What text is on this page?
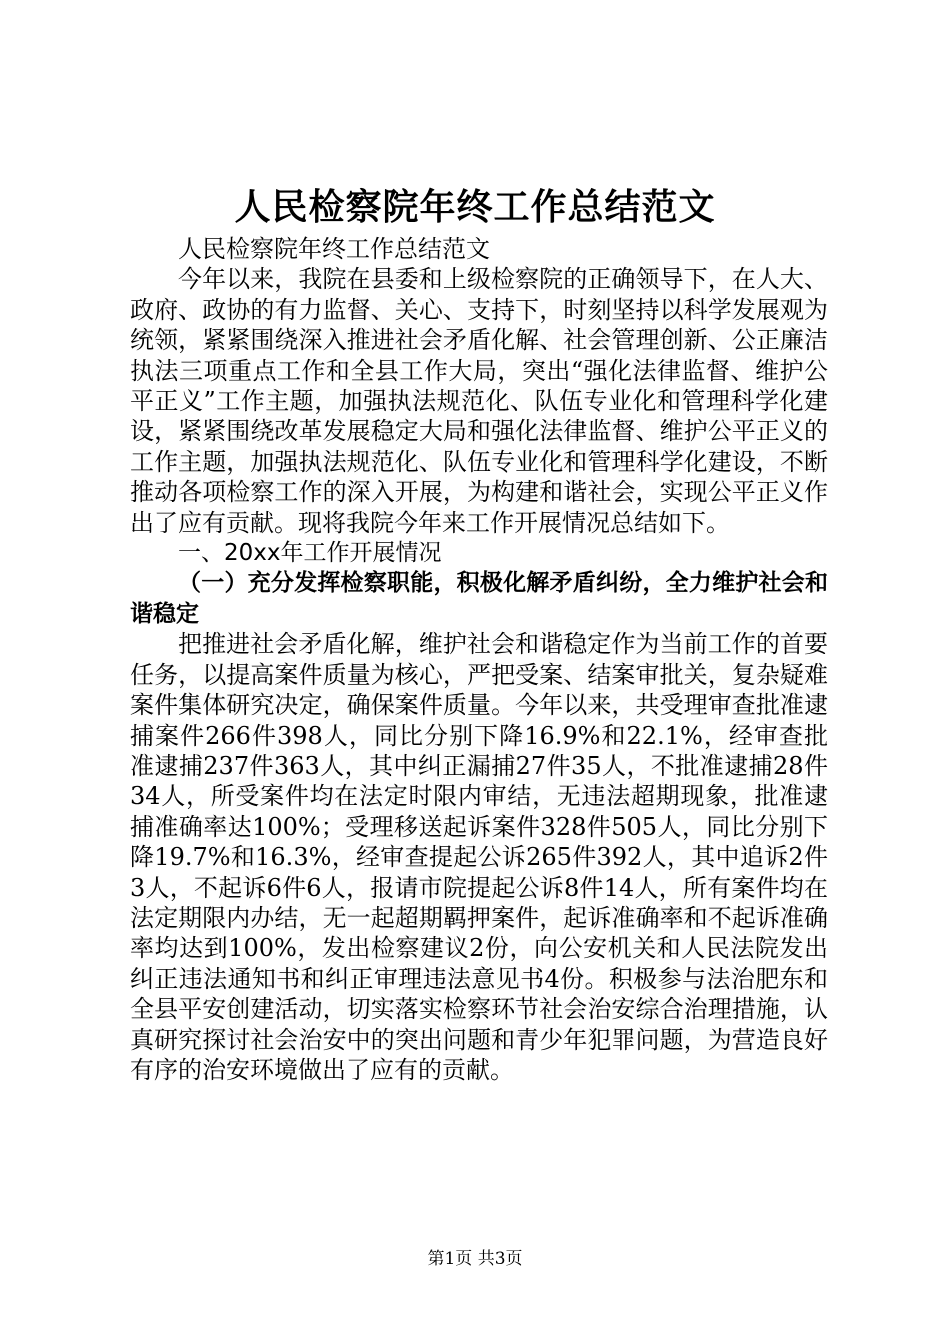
人民检察院年终工作总结范文

人民检察院年终工作总结范文

今年以来，我院在县委和上级检察院的正确领导下，在人大、政府、政协的有力监督、关心、支持下，时刻坚持以科学发展观为统领，紧紧围绕深入推进社会矛盾化解、社会管理创新、公正廉洁执法三项重点工作和全县工作大局，突出“强化法律监督、维护公平正义”工作主题，加强执法规范化、队伍专业化和管理科学化建设，紧紧围绕改革发展稳定大局和强化法律监督、维护公平正义的工作主题，加强执法规范化、队伍专业化和管理科学化建设，不断推动各项检察工作的深入开展，为构建和谐社会，实现公平正义作出了应有贡献。现将我院今年来工作开展情况总结如下。

一、20xx年工作开展情况

（一）充分发挥检察职能，积极化解矛盾纠纷，全力维护社会和谐稳定

把推进社会矛盾化解，维护社会和谐稳定作为当前工作的首要任务，以提高案件质量为核心，严把受案、结案审批关，复杂疑难案件集体研究决定，确保案件质量。今年以来，共受理审查批准逮捕案件266件398人，同比分别下降16.9%和22.1%，经审查批准逮捕237件363人，其中纠正漏捕27件35人，不批准逮捕28件34人，所受案件均在法定时限内审结，无违法超期现象，批准逮捕准确率达100%；受理移送起诉案件328件505人，同比分别下降19.7%和16.3%，经审查提起公诉265件392人，其中追诉2件3人，不起诉6件6人，报请市院提起公诉8件14人，所有案件均在法定期限内办结，无一起超期羁押案件，起诉准确率和不起诉准确率均达到100%，发出检察建议2份，向公安机关和人民法院发出纠正违法通知书和纠正审理违法意见书4份。积极参与法治肥东和全县平安创建活动，切实落实检察环节社会治安综合治理措施，认真研究探讨社会治安中的突出问题和青少年犯罪问题，为营造良好有序的治安环境做出了应有的贡献。

第1页 共3页
